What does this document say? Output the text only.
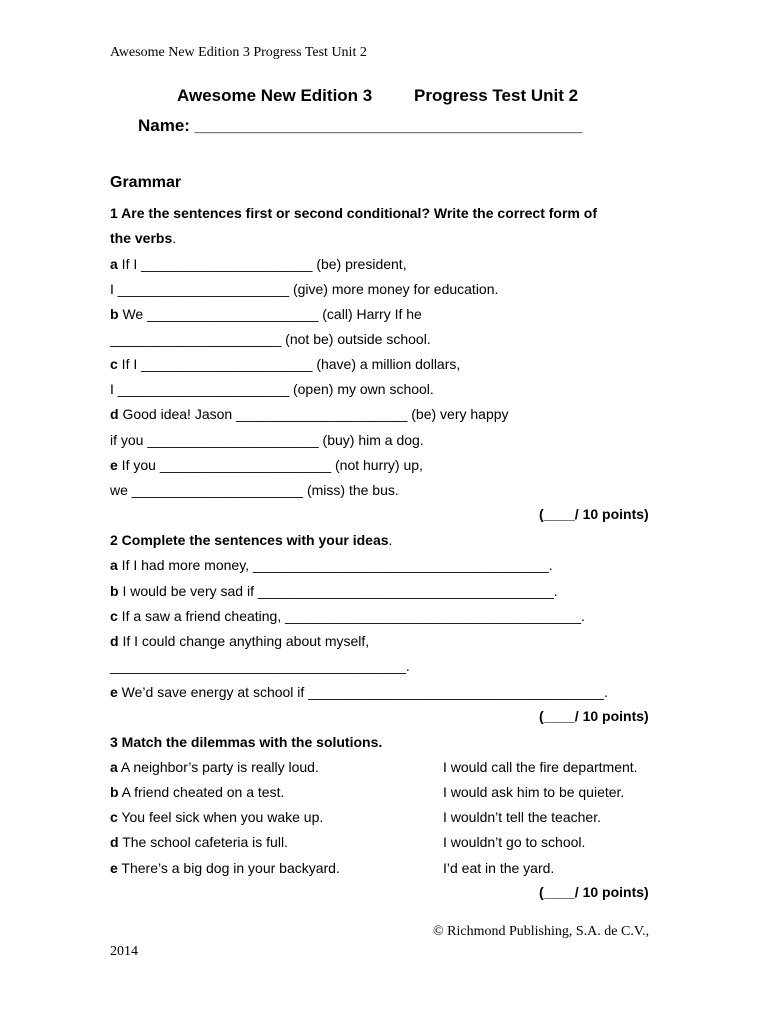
Awesome New Edition 3 Progress Test Unit 2
Awesome New Edition 3 Progress Test Unit 2
Name: _________________________________________
Grammar
1 Are the sentences first or second conditional? Write the correct form of
the verbs.
a If I ______________________ (be) president,
I ______________________ (give) more money for education.
b We ______________________ (call) Harry If he
______________________ (not be) outside school.
c If I ______________________ (have) a million dollars,
I ______________________ (open) my own school.
d Good idea! Jason ______________________ (be) very happy
if you ______________________ (buy) him a dog.
e If you ______________________ (not hurry) up,
we ______________________ (miss) the bus.
(____/ 10 points)
2 Complete the sentences with your ideas.
a If I had more money, ______________________________________.
b I would be very sad if ______________________________________.
c If a saw a friend cheating, ______________________________________.
d If I could change anything about myself,
______________________________________.
e We’d save energy at school if ______________________________________.
(____/ 10 points)
3 Match the dilemmas with the solutions.
a A neighbor’s party is really loud.	I would call the fire department.
b A friend cheated on a test.	I would ask him to be quieter.
c You feel sick when you wake up.	I wouldn’t tell the teacher.
d The school cafeteria is full.	I wouldn’t go to school.
e There’s a big dog in your backyard.	I’d eat in the yard.
(____/ 10 points)
© Richmond Publishing, S.A. de C.V.,
2014
